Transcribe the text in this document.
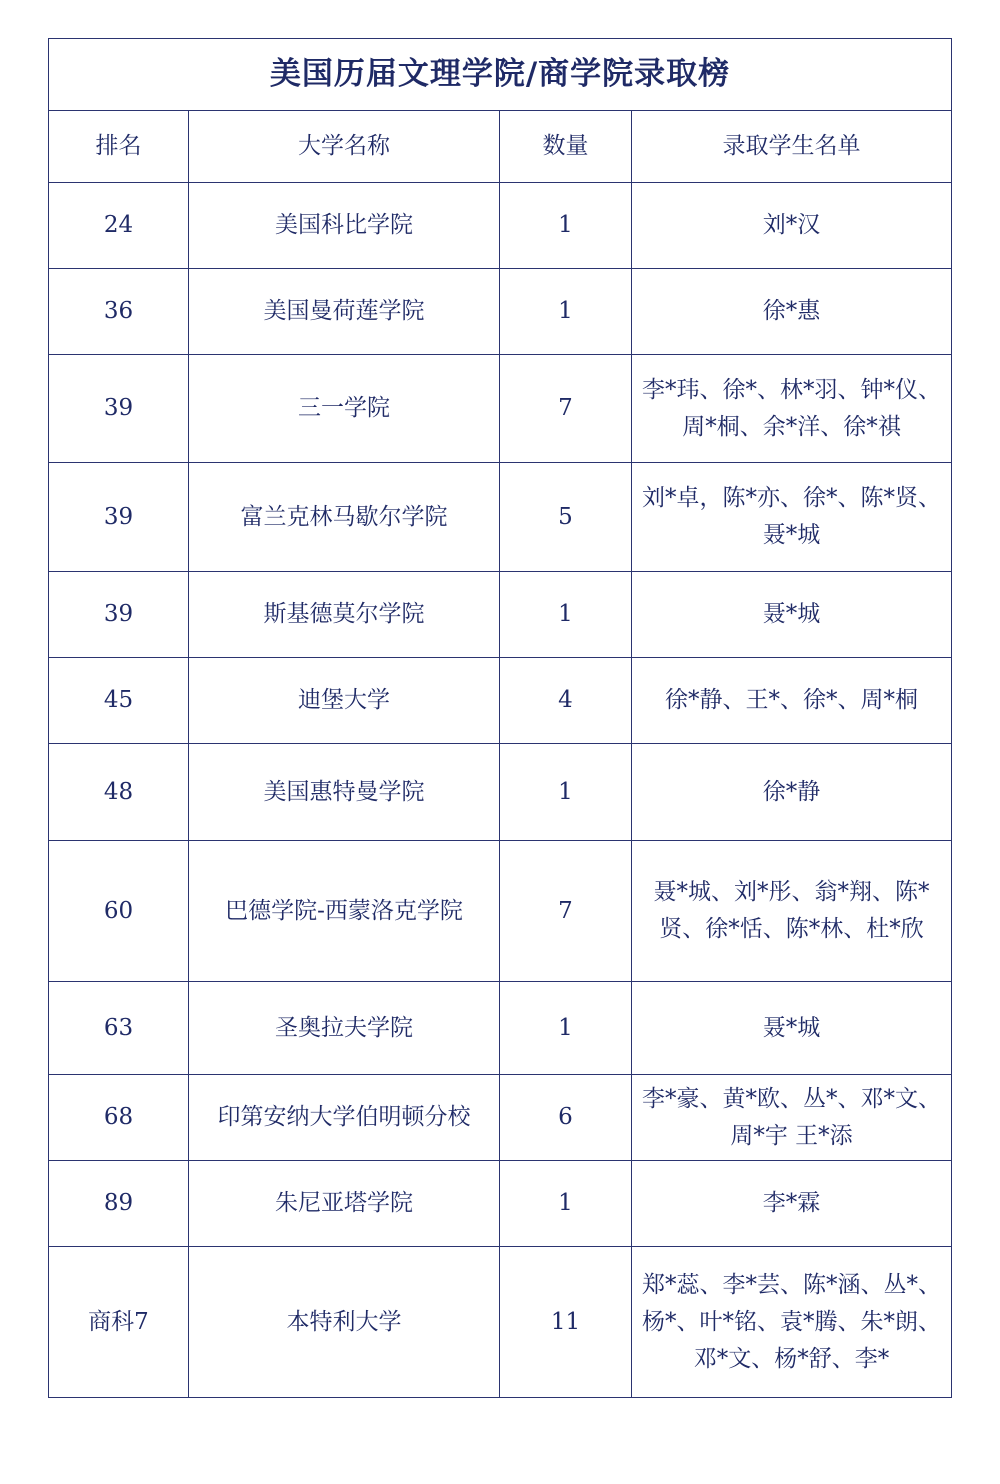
美国历届文理学院/商学院录取榜			
排名	大学名称	数量	录取学生名单
24	美国科比学院	1	刘*汉
36	美国曼荷莲学院	1	徐*惠
39	三一学院	7	李*玮、徐*、林*羽、钟*仪、周*桐、余*洋、徐*祺
39	富兰克林马歇尔学院	5	刘*卓，陈*亦、徐*、陈*贤、聂*城
39	斯基德莫尔学院	1	聂*城
45	迪堡大学	4	徐*静、王*、徐*、周*桐
48	美国惠特曼学院	1	徐*静
60	巴德学院-西蒙洛克学院	7	聂*城、刘*彤、翁*翔、陈*贤、徐*恬、陈*林、杜*欣
63	圣奥拉夫学院	1	聂*城
68	印第安纳大学伯明顿分校	6	李*豪、黄*欧、丛*、邓*文、周*宇 王*添
89	朱尼亚塔学院	1	李*霖
商科7	本特利大学	11	郑*蕊、李*芸、陈*涵、丛*、杨*、叶*铭、袁*腾、朱*朗、邓*文、杨*舒、李*
